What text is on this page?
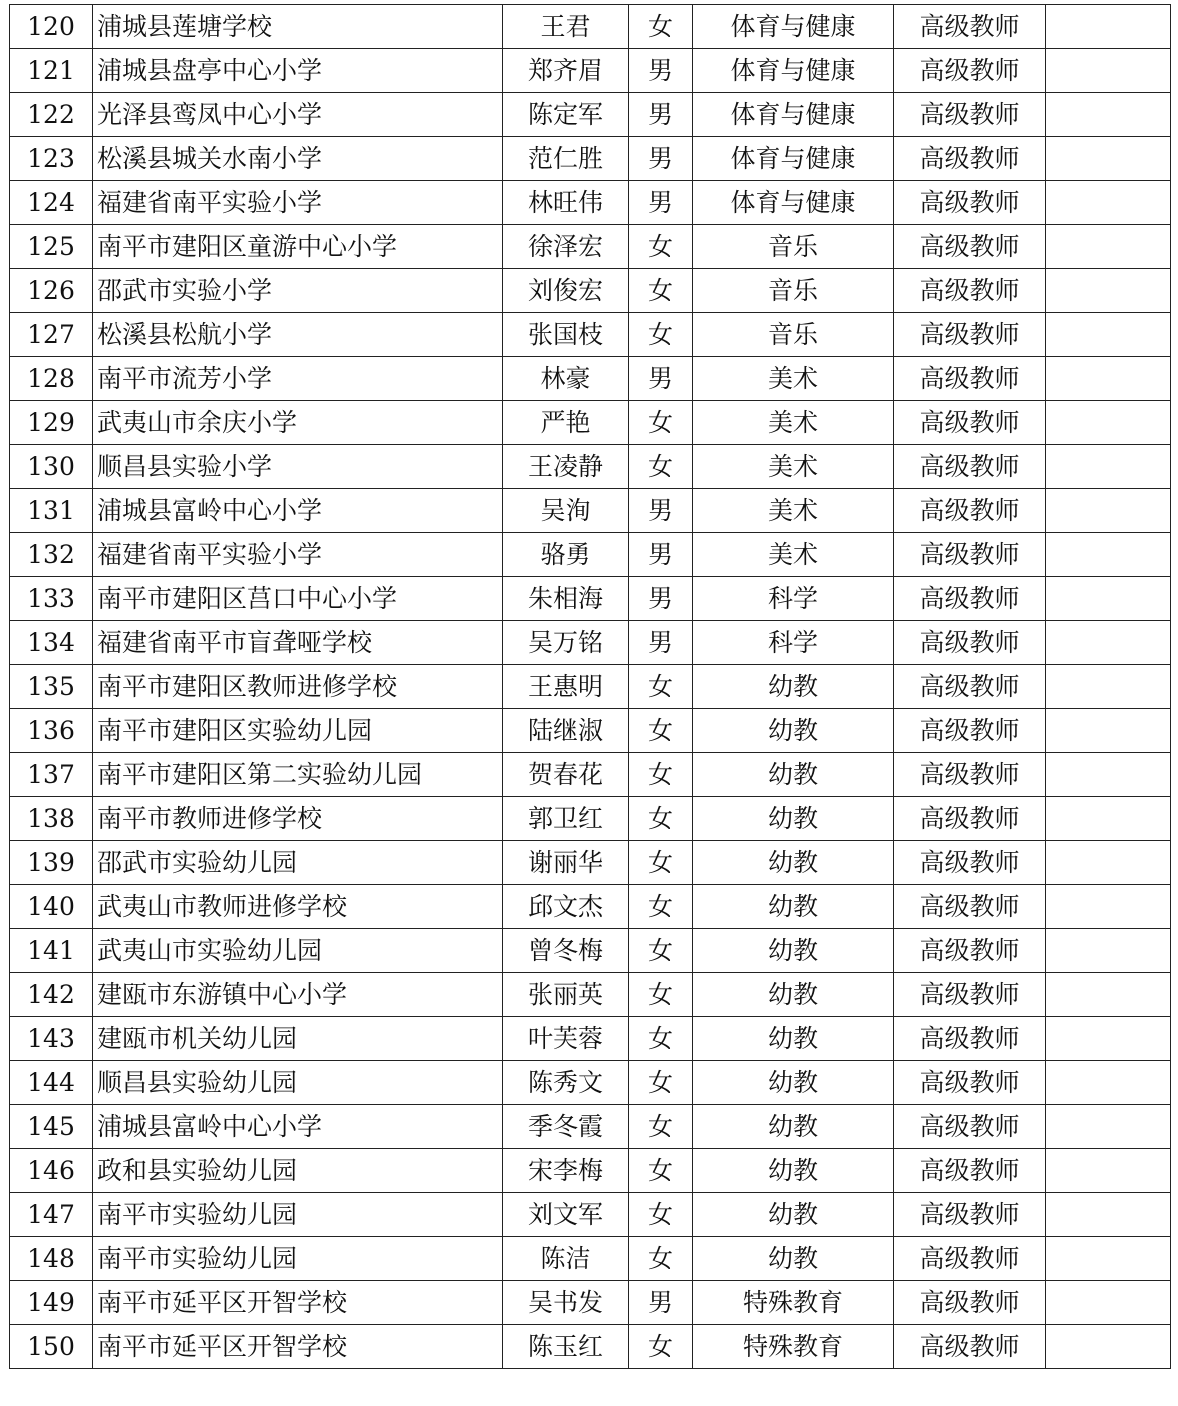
120	浦城县莲塘学校	王君	女	体育与健康	高级教师	
121	浦城县盘亭中心小学	郑齐眉	男	体育与健康	高级教师	
122	光泽县鸾凤中心小学	陈定军	男	体育与健康	高级教师	
123	松溪县城关水南小学	范仁胜	男	体育与健康	高级教师	
124	福建省南平实验小学	林旺伟	男	体育与健康	高级教师	
125	南平市建阳区童游中心小学	徐泽宏	女	音乐	高级教师	
126	邵武市实验小学	刘俊宏	女	音乐	高级教师	
127	松溪县松航小学	张国枝	女	音乐	高级教师	
128	南平市流芳小学	林豪	男	美术	高级教师	
129	武夷山市余庆小学	严艳	女	美术	高级教师	
130	顺昌县实验小学	王凌静	女	美术	高级教师	
131	浦城县富岭中心小学	吴洵	男	美术	高级教师	
132	福建省南平实验小学	骆勇	男	美术	高级教师	
133	南平市建阳区莒口中心小学	朱相海	男	科学	高级教师	
134	福建省南平市盲聋哑学校	吴万铭	男	科学	高级教师	
135	南平市建阳区教师进修学校	王惠明	女	幼教	高级教师	
136	南平市建阳区实验幼儿园	陆继淑	女	幼教	高级教师	
137	南平市建阳区第二实验幼儿园	贺春花	女	幼教	高级教师	
138	南平市教师进修学校	郭卫红	女	幼教	高级教师	
139	邵武市实验幼儿园	谢丽华	女	幼教	高级教师	
140	武夷山市教师进修学校	邱文杰	女	幼教	高级教师	
141	武夷山市实验幼儿园	曾冬梅	女	幼教	高级教师	
142	建瓯市东游镇中心小学	张丽英	女	幼教	高级教师	
143	建瓯市机关幼儿园	叶芙蓉	女	幼教	高级教师	
144	顺昌县实验幼儿园	陈秀文	女	幼教	高级教师	
145	浦城县富岭中心小学	季冬霞	女	幼教	高级教师	
146	政和县实验幼儿园	宋李梅	女	幼教	高级教师	
147	南平市实验幼儿园	刘文军	女	幼教	高级教师	
148	南平市实验幼儿园	陈洁	女	幼教	高级教师	
149	南平市延平区开智学校	吴书发	男	特殊教育	高级教师	
150	南平市延平区开智学校	陈玉红	女	特殊教育	高级教师	
